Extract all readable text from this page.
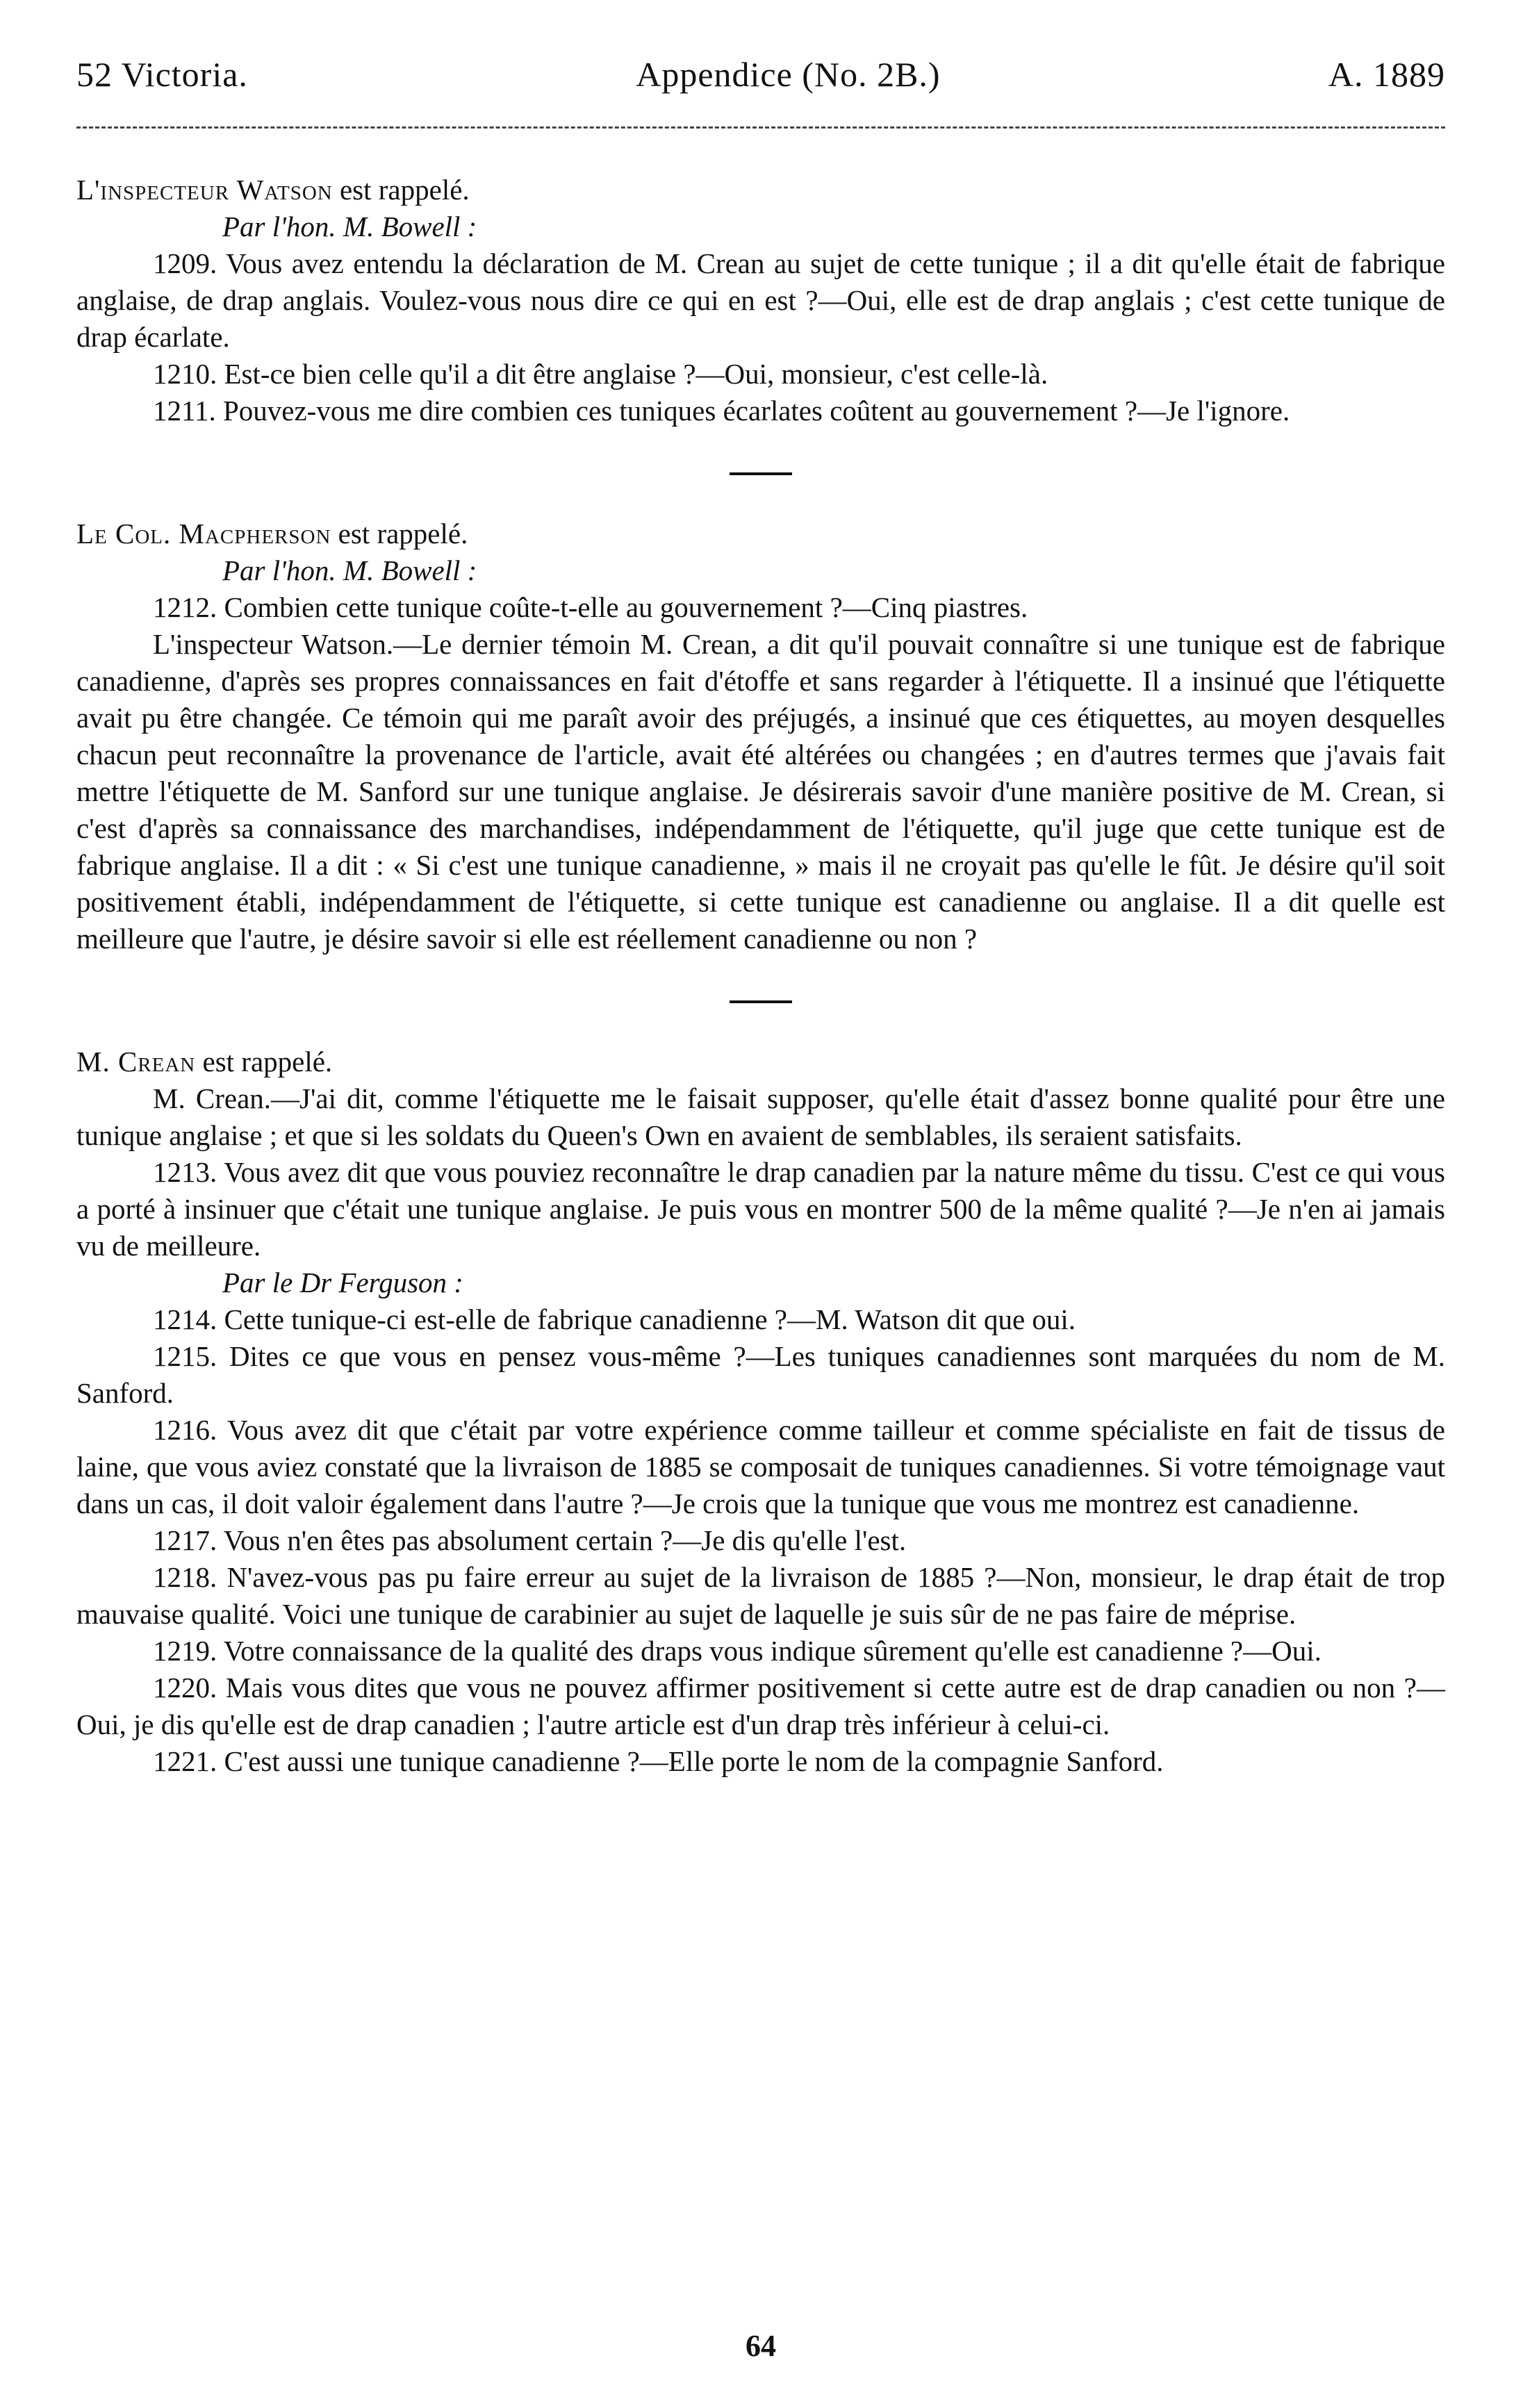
52 Victoria.	Appendice (No. 2B.)	A. 1889

L'inspecteur Watson est rappelé.

Par l'hon. M. Bowell :

1209. Vous avez entendu la déclaration de M. Crean au sujet de cette tunique ; il a dit qu'elle était de fabrique anglaise, de drap anglais. Voulez-vous nous dire ce qui en est ?—Oui, elle est de drap anglais ; c'est cette tunique de drap écarlate.

1210. Est-ce bien celle qu'il a dit être anglaise ?—Oui, monsieur, c'est celle-là.

1211. Pouvez-vous me dire combien ces tuniques écarlates coûtent au gouvernement ?—Je l'ignore.

Le Col. Macpherson est rappelé.

Par l'hon. M. Bowell :

1212. Combien cette tunique coûte-t-elle au gouvernement ?—Cinq piastres.

L'inspecteur Watson.—Le dernier témoin M. Crean, a dit qu'il pouvait connaître si une tunique est de fabrique canadienne, d'après ses propres connaissances en fait d'étoffe et sans regarder à l'étiquette. Il a insinué que l'étiquette avait pu être changée. Ce témoin qui me paraît avoir des préjugés, a insinué que ces étiquettes, au moyen desquelles chacun peut reconnaître la provenance de l'article, avait été altérées ou changées ; en d'autres termes que j'avais fait mettre l'étiquette de M. Sanford sur une tunique anglaise. Je désirerais savoir d'une manière positive de M. Crean, si c'est d'après sa connaissance des marchandises, indépendamment de l'étiquette, qu'il juge que cette tunique est de fabrique anglaise. Il a dit : « Si c'est une tunique canadienne, » mais il ne croyait pas qu'elle le fût. Je désire qu'il soit positivement établi, indépendamment de l'étiquette, si cette tunique est canadienne ou anglaise. Il a dit quelle est meilleure que l'autre, je désire savoir si elle est réellement canadienne ou non ?

M. Crean est rappelé.

M. Crean.—J'ai dit, comme l'étiquette me le faisait supposer, qu'elle était d'assez bonne qualité pour être une tunique anglaise ; et que si les soldats du Queen's Own en avaient de semblables, ils seraient satisfaits.

1213. Vous avez dit que vous pouviez reconnaître le drap canadien par la nature même du tissu. C'est ce qui vous a porté à insinuer que c'était une tunique anglaise. Je puis vous en montrer 500 de la même qualité ?—Je n'en ai jamais vu de meilleure.

Par le Dr Ferguson :

1214. Cette tunique-ci est-elle de fabrique canadienne ?—M. Watson dit que oui.

1215. Dites ce que vous en pensez vous-même ?—Les tuniques canadiennes sont marquées du nom de M. Sanford.

1216. Vous avez dit que c'était par votre expérience comme tailleur et comme spécialiste en fait de tissus de laine, que vous aviez constaté que la livraison de 1885 se composait de tuniques canadiennes. Si votre témoignage vaut dans un cas, il doit valoir également dans l'autre ?—Je crois que la tunique que vous me montrez est canadienne.

1217. Vous n'en êtes pas absolument certain ?—Je dis qu'elle l'est.

1218. N'avez-vous pas pu faire erreur au sujet de la livraison de 1885 ?—Non, monsieur, le drap était de trop mauvaise qualité. Voici une tunique de carabinier au sujet de laquelle je suis sûr de ne pas faire de méprise.

1219. Votre connaissance de la qualité des draps vous indique sûrement qu'elle est canadienne ?—Oui.

1220. Mais vous dites que vous ne pouvez affirmer positivement si cette autre est de drap canadien ou non ?—Oui, je dis qu'elle est de drap canadien ; l'autre article est d'un drap très inférieur à celui-ci.

1221. C'est aussi une tunique canadienne ?—Elle porte le nom de la compagnie Sanford.

64
